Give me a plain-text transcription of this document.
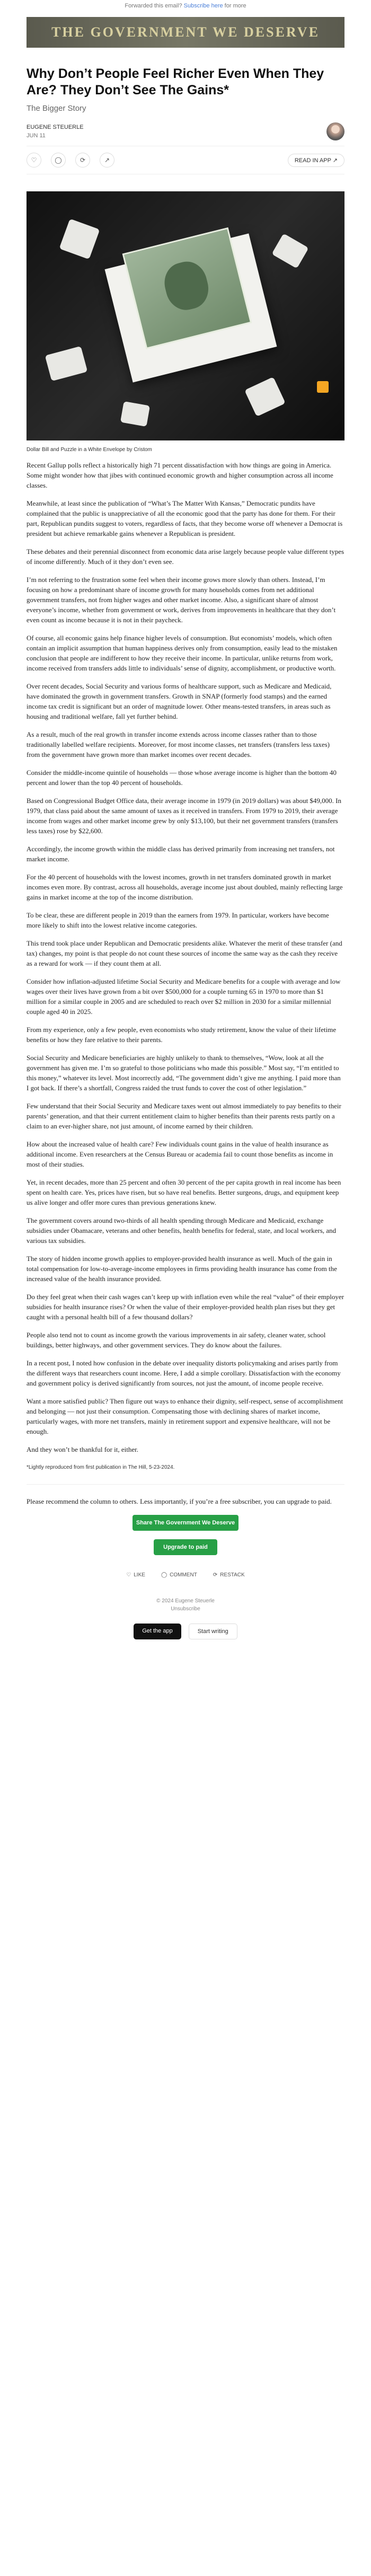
Forwarded this email? Subscribe here for more
THE GOVERNMENT WE DESERVE
Why Don’t People Feel Richer Even When They Are? They Don’t See The Gains*
The Bigger Story
EUGENE STEUERLE
JUN 11
♡	◯	⟳	↗	READ IN APP ↗
Dollar Bill and Puzzle in a White Envelope by Cristom

Recent Gallup polls reflect a historically high 71 percent dissatisfaction with how things are going in America. Some might wonder how that jibes with continued economic growth and higher consumption across all income classes.

Meanwhile, at least since the publication of “What’s The Matter With Kansas,” Democratic pundits have complained that the public is unappreciative of all the economic good that the party has done for them. For their part, Republican pundits suggest to voters, regardless of facts, that they become worse off whenever a Democrat is president but achieve remarkable gains whenever a Republican is president.

These debates and their perennial disconnect from economic data arise largely because people value different types of income differently. Much of it they don’t even see.

I’m not referring to the frustration some feel when their income grows more slowly than others. Instead, I’m focusing on how a predominant share of income growth for many households comes from net additional government transfers, not from higher wages and other market income. Also, a significant share of almost everyone’s income, whether from government or work, derives from improvements in healthcare that they don’t even count as income because it is not in their paycheck.

Of course, all economic gains help finance higher levels of consumption. But economists’ models, which often contain an implicit assumption that human happiness derives only from consumption, easily lead to the mistaken conclusion that people are indifferent to how they receive their income. In particular, unlike returns from work, income received from transfers adds little to individuals’ sense of dignity, accomplishment, or productive worth.

Over recent decades, Social Security and various forms of healthcare support, such as Medicare and Medicaid, have dominated the growth in government transfers. Growth in SNAP (formerly food stamps) and the earned income tax credit is significant but an order of magnitude lower. Other means-tested transfers, in areas such as housing and traditional welfare, fall yet further behind.

As a result, much of the real growth in transfer income extends across income classes rather than to those traditionally labelled welfare recipients. Moreover, for most income classes, net transfers (transfers less taxes) from the government have grown more than market incomes over recent decades.

Consider the middle-income quintile of households — those whose average income is higher than the bottom 40 percent and lower than the top 40 percent of households.

Based on Congressional Budget Office data, their average income in 1979 (in 2019 dollars) was about $49,000. In 1979, that class paid about the same amount of taxes as it received in transfers. From 1979 to 2019, their average income from wages and other market income grew by only $13,100, but their net government transfers (transfers less taxes) rose by $22,600.

Accordingly, the income growth within the middle class has derived primarily from increasing net transfers, not market income.

For the 40 percent of households with the lowest incomes, growth in net transfers dominated growth in market incomes even more. By contrast, across all households, average income just about doubled, mainly reflecting large gains in market income at the top of the income distribution.

To be clear, these are different people in 2019 than the earners from 1979. In particular, workers have become more likely to shift into the lowest relative income categories.

This trend took place under Republican and Democratic presidents alike. Whatever the merit of these transfer (and tax) changes, my point is that people do not count these sources of income the same way as the cash they receive as a reward for work — if they count them at all.

Consider how inflation-adjusted lifetime Social Security and Medicare benefits for a couple with average and low wages over their lives have grown from a bit over $500,000 for a couple turning 65 in 1970 to more than $1 million for a similar couple in 2005 and are scheduled to reach over $2 million in 2030 for a similar millennial couple aged 40 in 2025.

From my experience, only a few people, even economists who study retirement, know the value of their lifetime benefits or how they fare relative to their parents.

Social Security and Medicare beneficiaries are highly unlikely to thank to themselves, “Wow, look at all the government has given me. I’m so grateful to those politicians who made this possible.” Most say, “I’m entitled to this money,” whatever its level. Most incorrectly add, “The government didn’t give me anything. I paid more than I got back. If there’s a shortfall, Congress raided the trust funds to cover the cost of other legislation.”

Few understand that their Social Security and Medicare taxes went out almost immediately to pay benefits to their parents’ generation, and that their current entitlement claim to higher benefits than their parents rests partly on a claim to an ever-higher share, not just amount, of income earned by their children.

How about the increased value of health care? Few individuals count gains in the value of health insurance as additional income. Even researchers at the Census Bureau or academia fail to count those benefits as income in most of their studies.

Yet, in recent decades, more than 25 percent and often 30 percent of the per capita growth in real income has been spent on health care. Yes, prices have risen, but so have real benefits. Better surgeons, drugs, and equipment keep us alive longer and offer more cures than previous generations knew.

The government covers around two-thirds of all health spending through Medicare and Medicaid, exchange subsidies under Obamacare, veterans and other benefits, health benefits for federal, state, and local workers, and various tax subsidies.

The story of hidden income growth applies to employer-provided health insurance as well. Much of the gain in total compensation for low-to-average-income employees in firms providing health insurance has come from the increased value of the health insurance provided.

Do they feel great when their cash wages can’t keep up with inflation even while the real “value” of their employer subsidies for health insurance rises? Or when the value of their employer-provided health plan rises but they get caught with a personal health bill of a few thousand dollars?

People also tend not to count as income growth the various improvements in air safety, cleaner water, school buildings, better highways, and other government services. They do know about the failures.

In a recent post, I noted how confusion in the debate over inequality distorts policymaking and arises partly from the different ways that researchers count income. Here, I add a simple corollary. Dissatisfaction with the economy and government policy is derived significantly from sources, not just the amount, of income people receive.

Want a more satisfied public? Then figure out ways to enhance their dignity, self-respect, sense of accomplishment and belonging — not just their consumption. Compensating those with declining shares of market income, particularly wages, with more net transfers, mainly in retirement support and expensive healthcare, will not be enough.

And they won’t be thankful for it, either.

*Lightly reproduced from first publication in The Hill, 5-23-2024.

Please recommend the column to others. Less importantly, if you’re a free subscriber, you can upgrade to paid.

Share The Government We Deserve
Upgrade to paid
♡ LIKE	◯ COMMENT	⟳ RESTACK
© 2024 Eugene Steuerle
Unsubscribe
Get the app	Start writing
